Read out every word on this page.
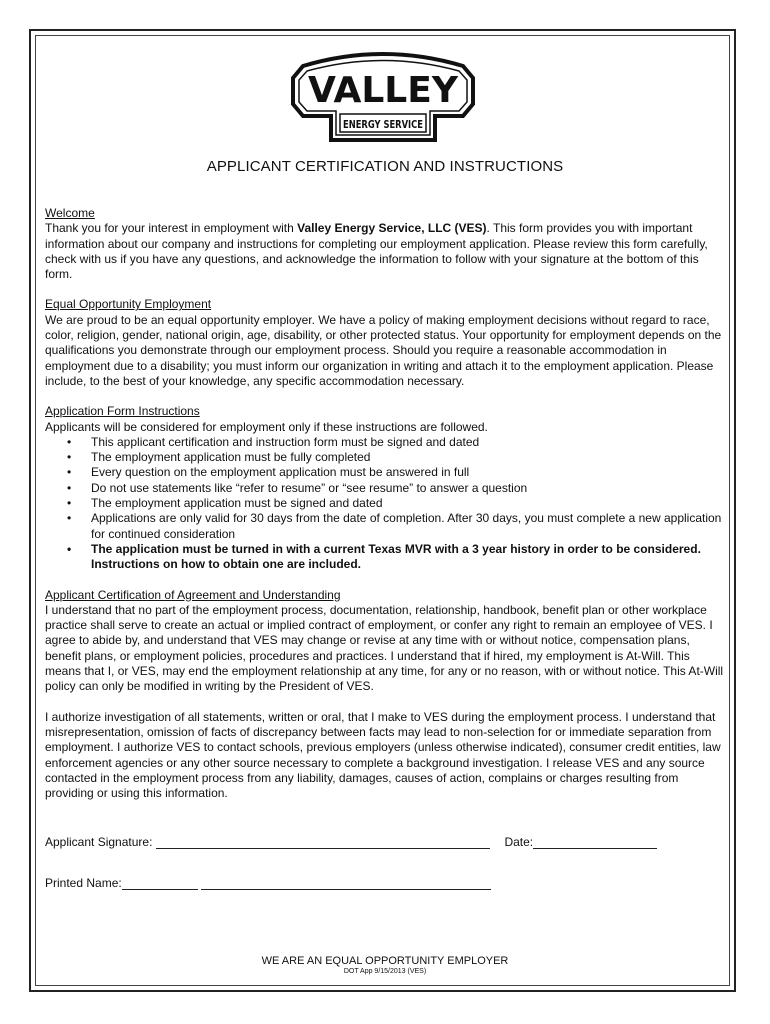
VALLEY
ENERGY SERVICE
APPLICANT CERTIFICATION AND INSTRUCTIONS

Welcome

Thank you for your interest in employment with Valley Energy Service, LLC (VES). This form provides you with important information about our company and instructions for completing our employment application. Please review this form carefully, check with us if you have any questions, and acknowledge the information to follow with your signature at the bottom of this form.

Equal Opportunity Employment

We are proud to be an equal opportunity employer. We have a policy of making employment decisions without regard to race, color, religion, gender, national origin, age, disability, or other protected status. Your opportunity for employment depends on the qualifications you demonstrate through our employment process. Should you require a reasonable accommodation in employment due to a disability; you must inform our organization in writing and attach it to the employment application. Please include, to the best of your knowledge, any specific accommodation necessary.

Application Form Instructions

Applicants will be considered for employment only if these instructions are followed.

• This applicant certification and instruction form must be signed and dated
• The employment application must be fully completed
• Every question on the employment application must be answered in full
• Do not use statements like “refer to resume” or “see resume” to answer a question
• The employment application must be signed and dated
• Applications are only valid for 30 days from the date of completion. After 30 days, you must complete a new application for continued consideration
• The application must be turned in with a current Texas MVR with a 3 year history in order to be considered. Instructions on how to obtain one are included.

Applicant Certification of Agreement and Understanding

I understand that no part of the employment process, documentation, relationship, handbook, benefit plan or other workplace practice shall serve to create an actual or implied contract of employment, or confer any right to remain an employee of VES. I agree to abide by, and understand that VES may change or revise at any time with or without notice, compensation plans, benefit plans, or employment policies, procedures and practices. I understand that if hired, my employment is At-Will. This means that I, or VES, may end the employment relationship at any time, for any or no reason, with or without notice. This At-Will policy can only be modified in writing by the President of VES.

I authorize investigation of all statements, written or oral, that I make to VES during the employment process. I understand that misrepresentation, omission of facts of discrepancy between facts may lead to non-selection for or immediate separation from employment. I authorize VES to contact schools, previous employers (unless otherwise indicated), consumer credit entities, law enforcement agencies or any other source necessary to complete a background investigation. I release VES and any source contacted in the employment process from any liability, damages, causes of action, complains or charges resulting from providing or using this information.

Applicant Signature:	Date:
Printed Name:
WE ARE AN EQUAL OPPORTUNITY EMPLOYER
DOT App 9/15/2013 (VES)
